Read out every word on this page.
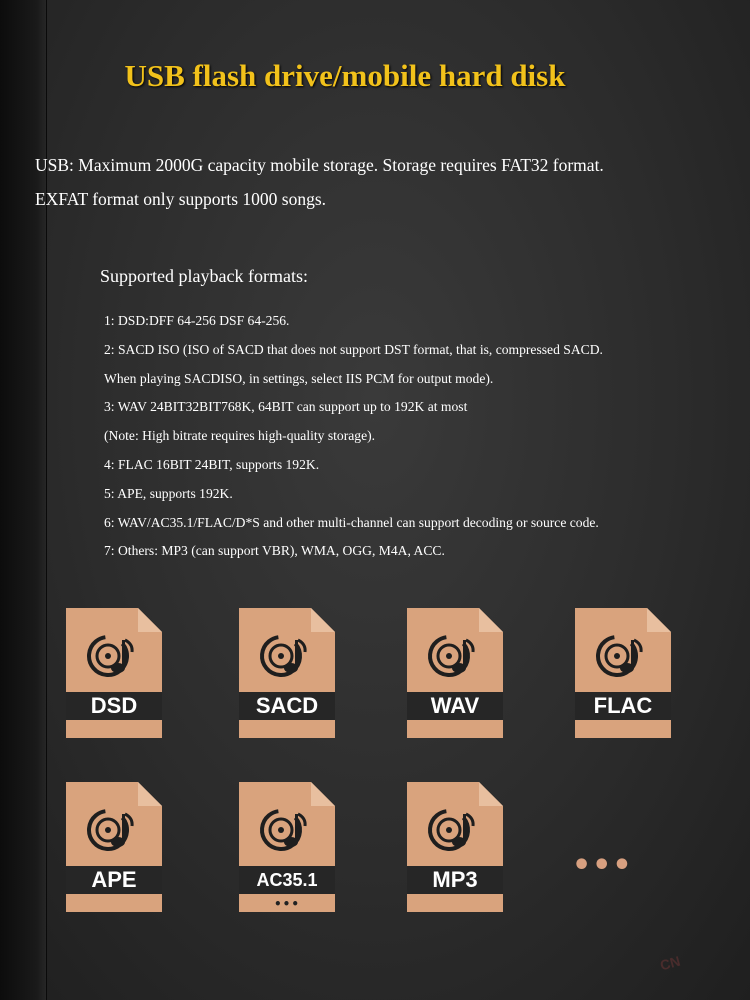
USB flash drive/mobile hard disk
USB: Maximum 2000G capacity mobile storage. Storage requires FAT32 format.
EXFAT format only supports 1000 songs.
Supported playback formats:
1: DSD:DFF 64-256 DSF 64-256.
2: SACD ISO (ISO of SACD that does not support DST format, that is, compressed SACD.
When playing SACDISO, in settings, select IIS PCM for output mode).
3: WAV 24BIT32BIT768K, 64BIT can support up to 192K at most
(Note: High bitrate requires high-quality storage).
4: FLAC 16BIT 24BIT, supports 192K.
5: APE, supports 192K.
6: WAV/AC35.1/FLAC/D*S and other multi-channel can support decoding or source code.
7: Others: MP3 (can support VBR), WMA, OGG, M4A, ACC.
DSD	SACD	WAV	FLAC
APE	AC35.1
•••
MP3	•••
CN
